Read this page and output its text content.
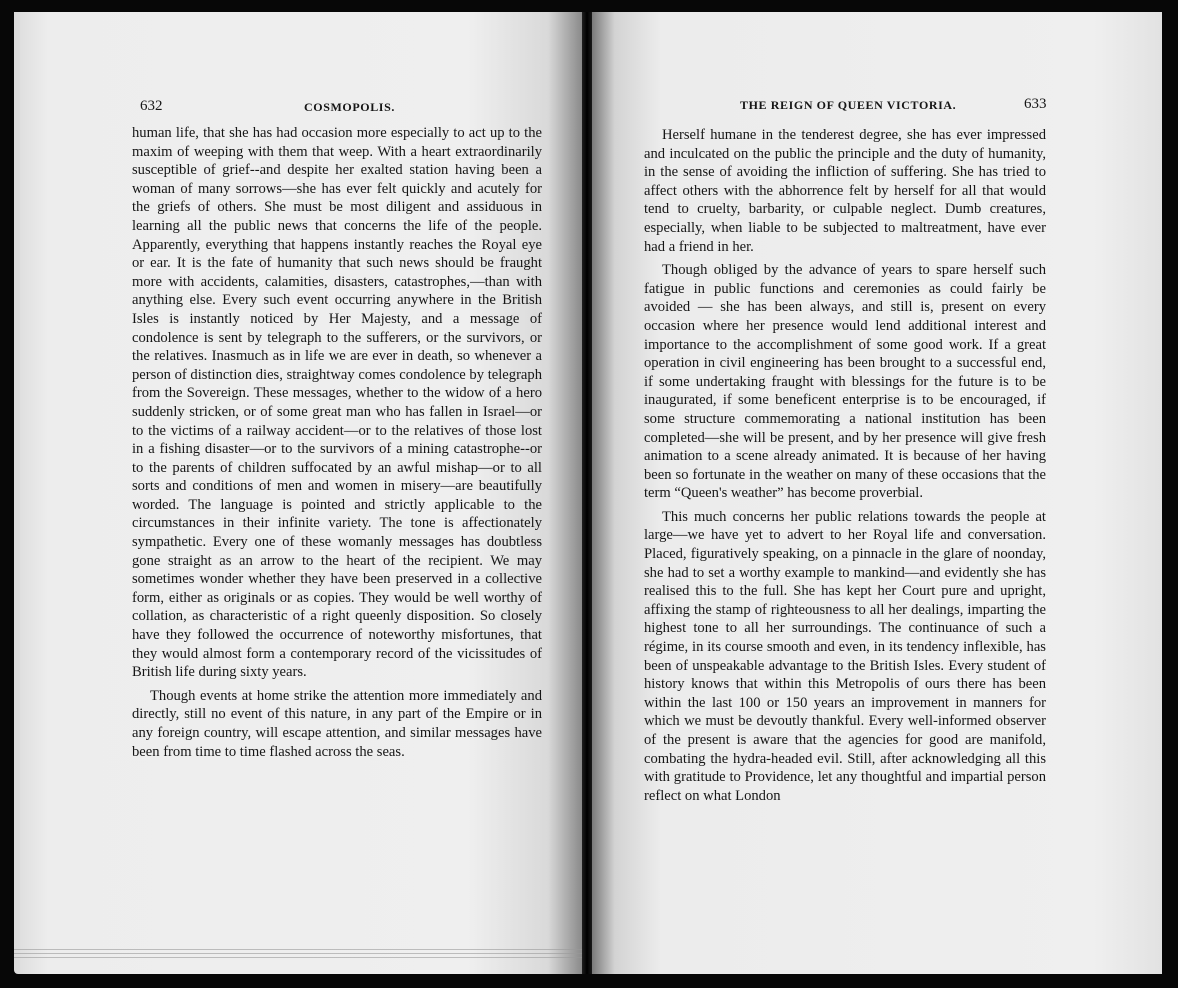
632	COSMOPOLIS.

human life, that she has had occasion more especially to act up to the maxim of weeping with them that weep. With a heart extraordinarily susceptible of grief--and despite her exalted station having been a woman of many sorrows—she has ever felt quickly and acutely for the griefs of others. She must be most diligent and assiduous in learning all the public news that concerns the life of the people. Apparently, everything that happens instantly reaches the Royal eye or ear. It is the fate of humanity that such news should be fraught more with accidents, calamities, disasters, catastrophes,—than with anything else. Every such event occurring anywhere in the British Isles is instantly noticed by Her Majesty, and a message of condolence is sent by telegraph to the sufferers, or the survivors, or the relatives. Inasmuch as in life we are ever in death, so whenever a person of distinction dies, straightway comes condolence by telegraph from the Sovereign. These messages, whether to the widow of a hero suddenly stricken, or of some great man who has fallen in Israel—or to the victims of a railway accident—or to the relatives of those lost in a fishing disaster—or to the survivors of a mining catastrophe--or to the parents of children suffocated by an awful mishap—or to all sorts and conditions of men and women in misery—are beautifully worded. The language is pointed and strictly applicable to the circumstances in their infinite variety. The tone is affectionately sympathetic. Every one of these womanly messages has doubtless gone straight as an arrow to the heart of the recipient. We may sometimes wonder whether they have been preserved in a collective form, either as originals or as copies. They would be well worthy of collation, as characteristic of a right queenly disposition. So closely have they followed the occurrence of noteworthy misfortunes, that they would almost form a contemporary record of the vicissitudes of British life during sixty years.

Though events at home strike the attention more immediately and directly, still no event of this nature, in any part of the Empire or in any foreign country, will escape attention, and similar messages have been from time to time flashed across the seas.

THE REIGN OF QUEEN VICTORIA.	633

Herself humane in the tenderest degree, she has ever impressed and inculcated on the public the principle and the duty of humanity, in the sense of avoiding the infliction of suffering. She has tried to affect others with the abhorrence felt by herself for all that would tend to cruelty, barbarity, or culpable neglect. Dumb creatures, especially, when liable to be subjected to maltreatment, have ever had a friend in her.

Though obliged by the advance of years to spare herself such fatigue in public functions and ceremonies as could fairly be avoided — she has been always, and still is, present on every occasion where her presence would lend additional interest and importance to the accomplishment of some good work. If a great operation in civil engineering has been brought to a successful end, if some undertaking fraught with blessings for the future is to be inaugurated, if some beneficent enterprise is to be encouraged, if some structure commemorating a national institution has been completed—she will be present, and by her presence will give fresh animation to a scene already animated. It is because of her having been so fortunate in the weather on many of these occasions that the term “Queen's weather” has become proverbial.

This much concerns her public relations towards the people at large—we have yet to advert to her Royal life and conversation. Placed, figuratively speaking, on a pinnacle in the glare of noonday, she had to set a worthy example to mankind—and evidently she has realised this to the full. She has kept her Court pure and upright, affixing the stamp of righteousness to all her dealings, imparting the highest tone to all her surroundings. The continuance of such a régime, in its course smooth and even, in its tendency inflexible, has been of unspeakable advantage to the British Isles. Every student of history knows that within this Metropolis of ours there has been within the last 100 or 150 years an improvement in manners for which we must be devoutly thankful. Every well-informed observer of the present is aware that the agencies for good are manifold, combating the hydra-headed evil. Still, after acknowledging all this with gratitude to Providence, let any thoughtful and impartial person reflect on what London
